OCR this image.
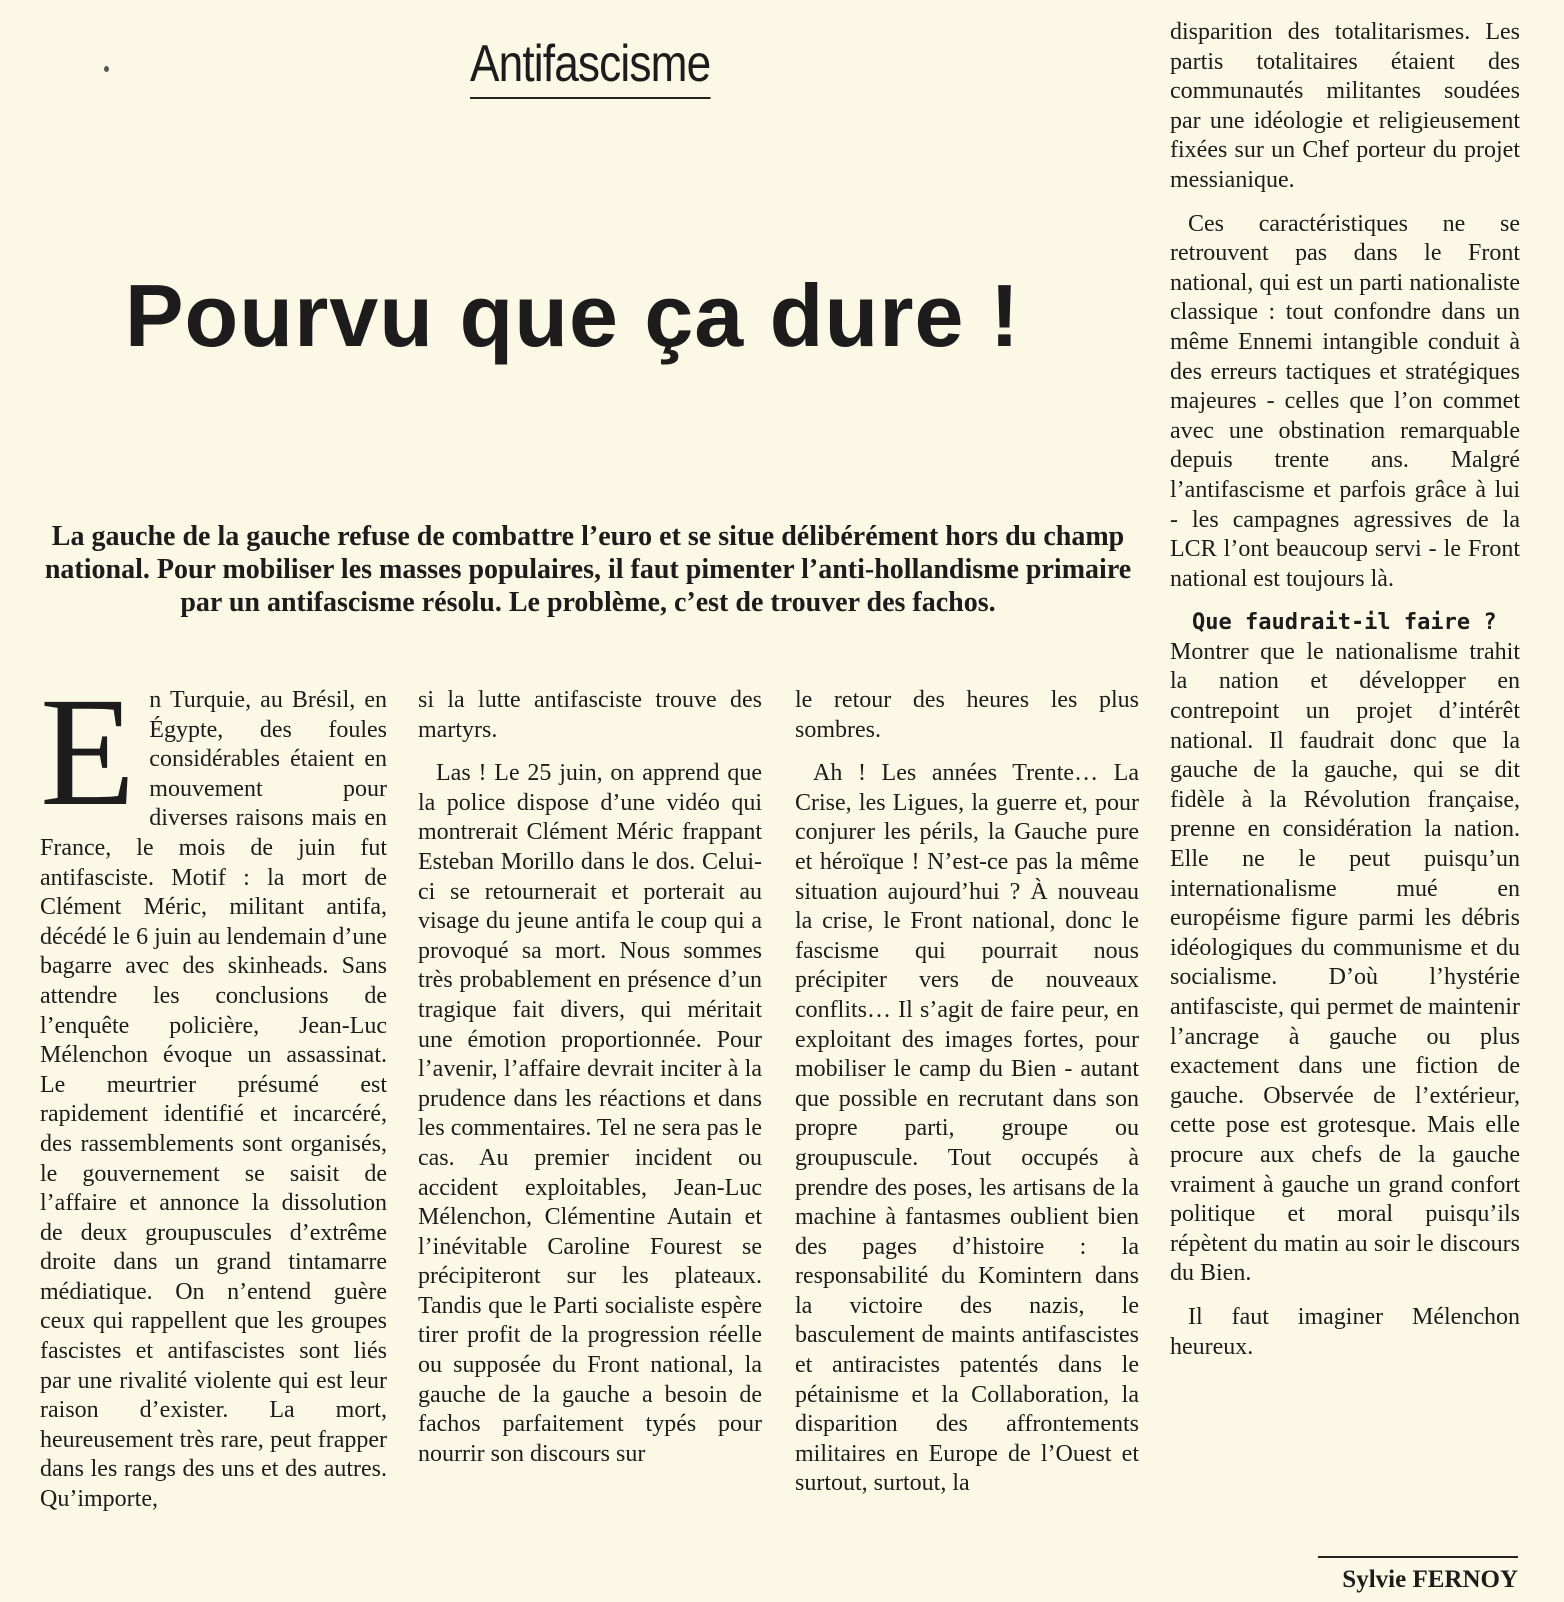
Antifascisme
Pourvu que ça dure !
La gauche de la gauche refuse de combattre l’euro et se situe délibérément hors du champ national. Pour mobiliser les masses populaires, il faut pimenter l’anti-hollandisme primaire par un antifascisme résolu. Le problème, c’est de trouver des fachos.
E n Turquie, au Brésil, en Égypte, des foules considérables étaient en mouvement pour diverses raisons mais en France, le mois de juin fut antifasciste. Motif : la mort de Clément Méric, militant antifa, décédé le 6 juin au lendemain d’une bagarre avec des skinheads. Sans attendre les conclusions de l’enquête policière, Jean-Luc Mélenchon évoque un assassinat. Le meurtrier présumé est rapidement identifié et incarcéré, des rassemblements sont organisés, le gouvernement se saisit de l’affaire et annonce la dissolution de deux groupuscules d’extrême droite dans un grand tintamarre médiatique. On n’entend guère ceux qui rappellent que les groupes fascistes et antifascistes sont liés par une rivalité violente qui est leur raison d’exister. La mort, heureusement très rare, peut frapper dans les rangs des uns et des autres. Qu’importe,

si la lutte antifasciste trouve des martyrs.

Las ! Le 25 juin, on apprend que la police dispose d’une vidéo qui montrerait Clément Méric frappant Esteban Morillo dans le dos. Celui-ci se retournerait et porterait au visage du jeune antifa le coup qui a provoqué sa mort. Nous sommes très probablement en présence d’un tragique fait divers, qui méritait une émotion proportionnée. Pour l’avenir, l’affaire devrait inciter à la prudence dans les réactions et dans les commentaires. Tel ne sera pas le cas. Au premier incident ou accident exploitables, Jean-Luc Mélenchon, Clémentine Autain et l’inévitable Caroline Fourest se précipiteront sur les plateaux. Tandis que le Parti socialiste espère tirer profit de la progression réelle ou supposée du Front national, la gauche de la gauche a besoin de fachos parfaitement typés pour nourrir son discours sur

le retour des heures les plus sombres.

Ah ! Les années Trente… La Crise, les Ligues, la guerre et, pour conjurer les périls, la Gauche pure et héroïque ! N’est-ce pas la même situation aujourd’hui ? À nouveau la crise, le Front national, donc le fascisme qui pourrait nous précipiter vers de nouveaux conflits… Il s’agit de faire peur, en exploitant des images fortes, pour mobiliser le camp du Bien - autant que possible en recrutant dans son propre parti, groupe ou groupuscule. Tout occupés à prendre des poses, les artisans de la machine à fantasmes oublient bien des pages d’histoire : la responsabilité du Komintern dans la victoire des nazis, le basculement de maints antifascistes et antiracistes patentés dans le pétainisme et la Collaboration, la disparition des affrontements militaires en Europe de l’Ouest et surtout, surtout, la

disparition des totalitarismes. Les partis totalitaires étaient des communautés militantes soudées par une idéologie et religieusement fixées sur un Chef porteur du projet messianique.

Ces caractéristiques ne se retrouvent pas dans le Front national, qui est un parti nationaliste classique : tout confondre dans un même Ennemi intangible conduit à des erreurs tactiques et stratégiques majeures - celles que l’on commet avec une obstination remarquable depuis trente ans. Malgré l’antifascisme et parfois grâce à lui - les campagnes agressives de la LCR l’ont beaucoup servi - le Front national est toujours là.

Que faudrait-il faire ?

Montrer que le nationalisme trahit la nation et développer en contrepoint un projet d’intérêt national. Il faudrait donc que la gauche de la gauche, qui se dit fidèle à la Révolution française, prenne en considération la nation. Elle ne le peut puisqu’un internationalisme mué en européisme figure parmi les débris idéologiques du communisme et du socialisme. D’où l’hystérie antifasciste, qui permet de maintenir l’ancrage à gauche ou plus exactement dans une fiction de gauche. Observée de l’extérieur, cette pose est grotesque. Mais elle procure aux chefs de la gauche vraiment à gauche un grand confort politique et moral puisqu’ils répètent du matin au soir le discours du Bien.

Il faut imaginer Mélenchon heureux.

Sylvie FERNOY
